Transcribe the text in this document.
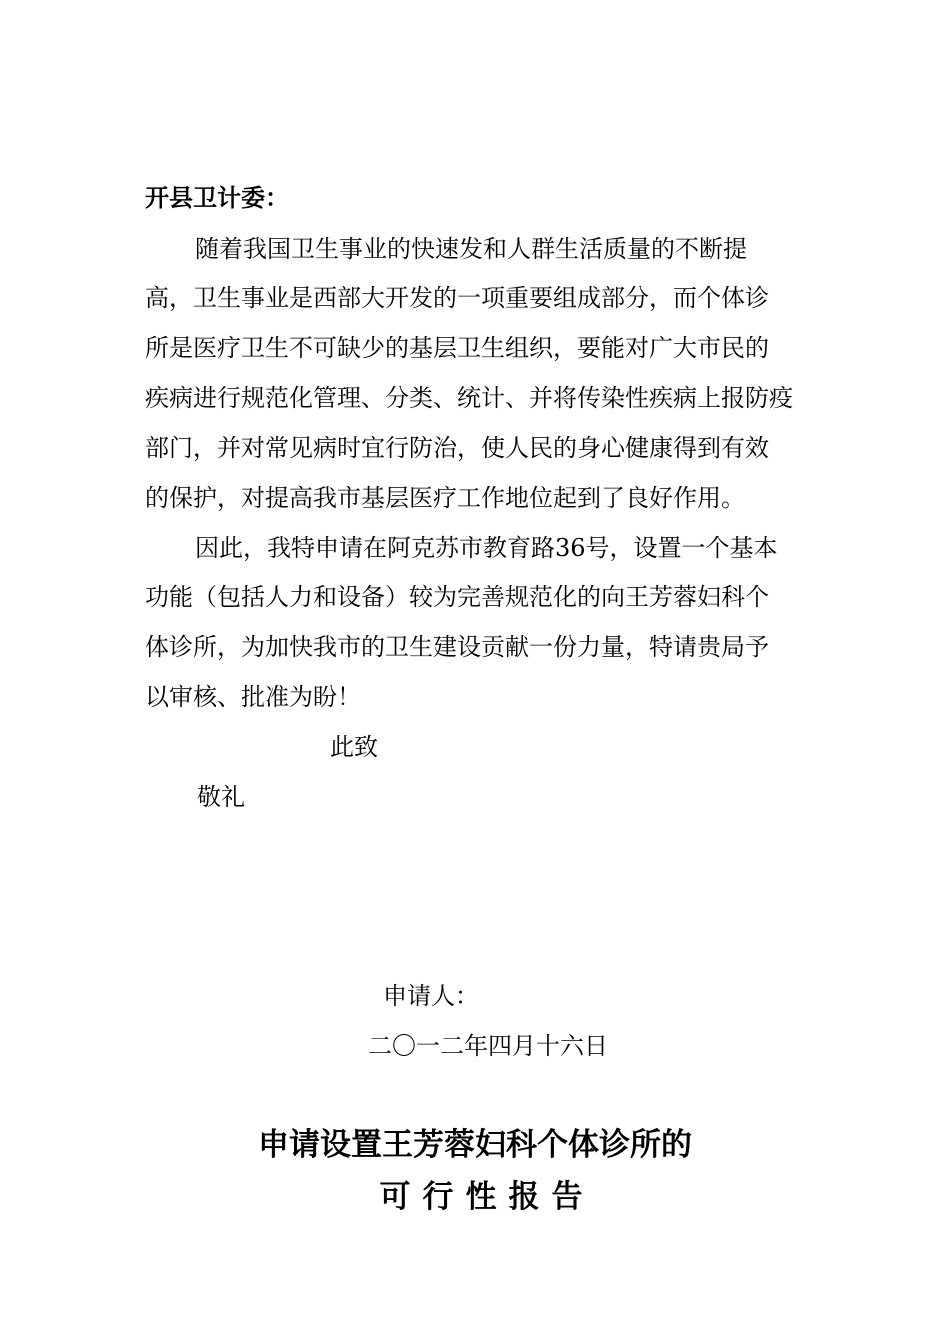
开县卫计委：
随着我国卫生事业的快速发和人群生活质量的不断提
高，卫生事业是西部大开发的一项重要组成部分，而个体诊
所是医疗卫生不可缺少的基层卫生组织，要能对广大市民的
疾病进行规范化管理、分类、统计、并将传染性疾病上报防疫
部门，并对常见病时宜行防治，使人民的身心健康得到有效
的保护，对提高我市基层医疗工作地位起到了良好作用。
因此，我特申请在阿克苏市教育路36号，设置一个基本
功能（包括人力和设备）较为完善规范化的向王芳蓉妇科个
体诊所，为加快我市的卫生建设贡献一份力量，特请贵局予
以审核、批准为盼！
此致
敬礼
申请人：
二〇一二年四月十六日
申请设置王芳蓉妇科个体诊所的
可行性报告
